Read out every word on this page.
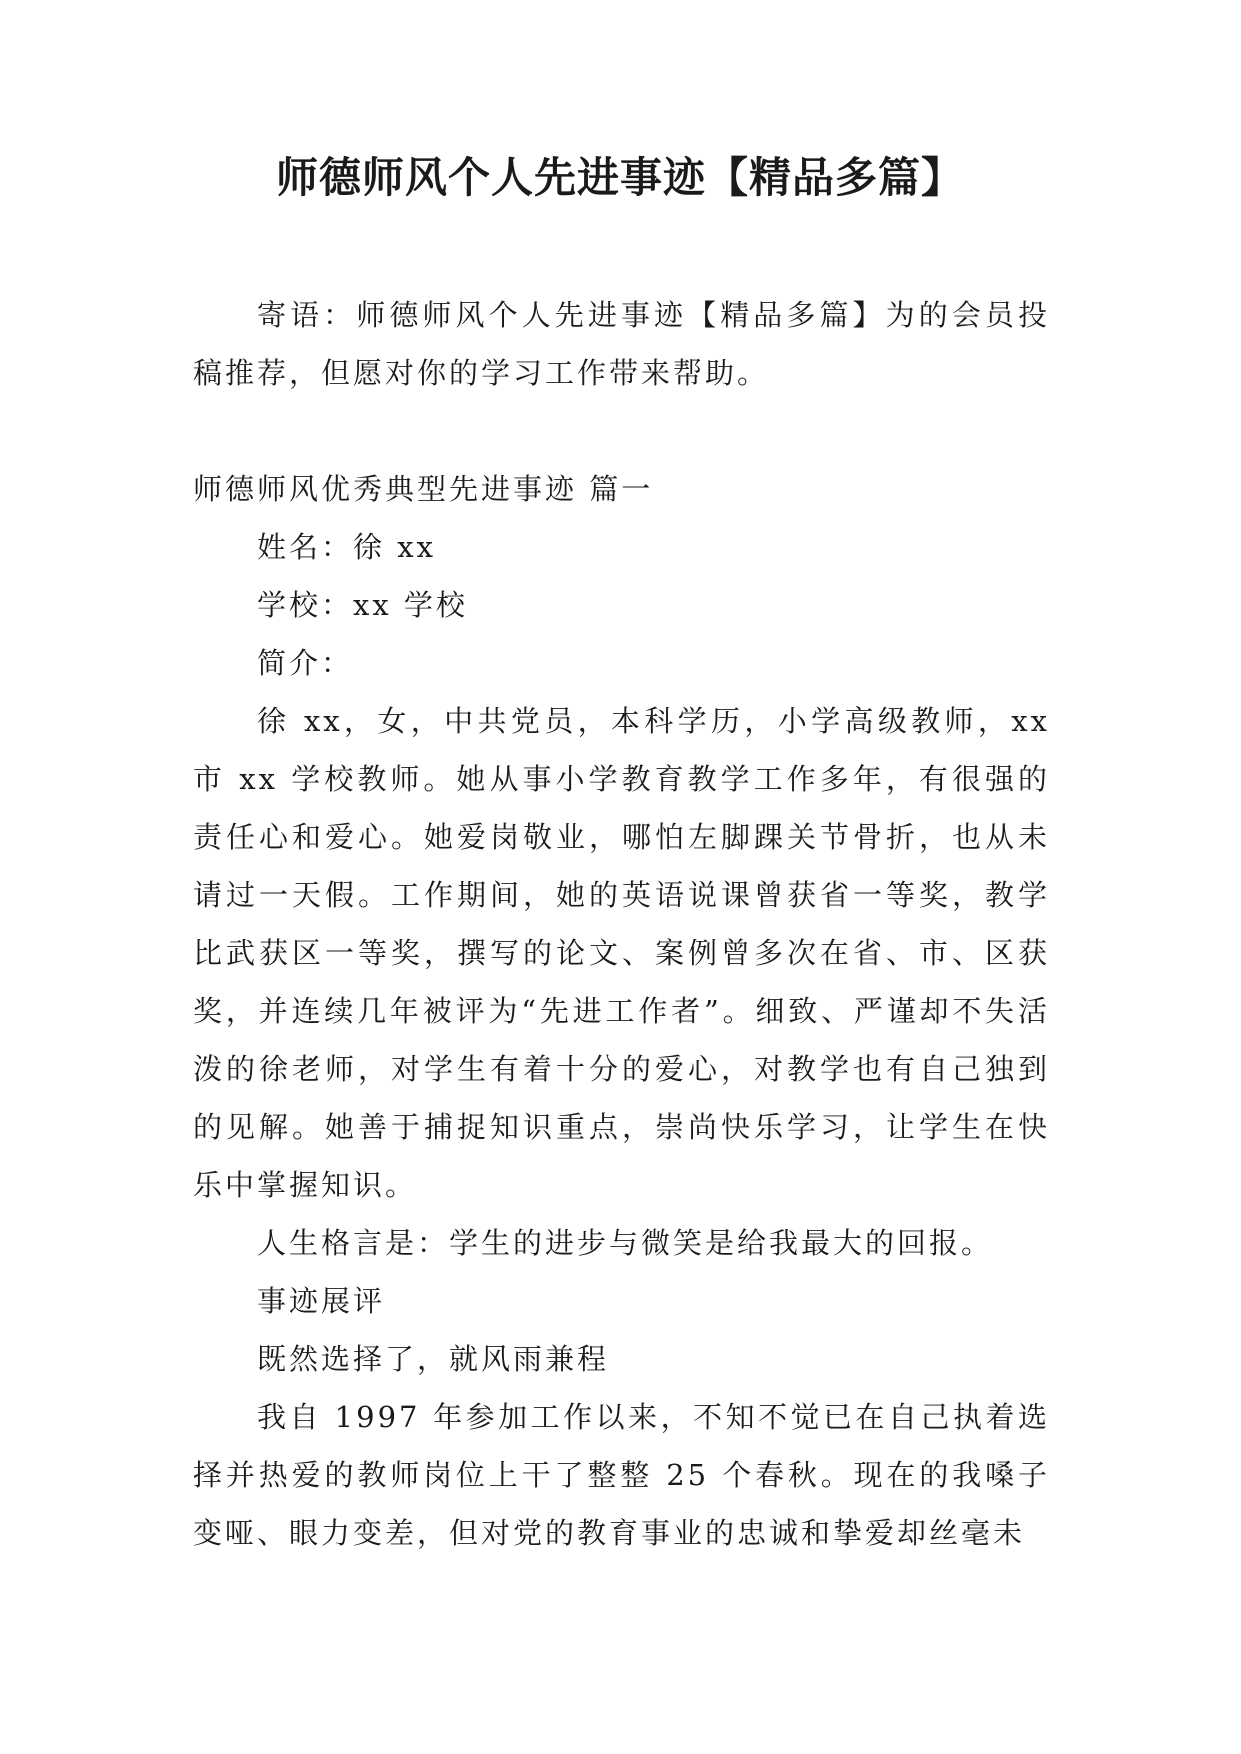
师德师风个人先进事迹【精品多篇】

寄语：师德师风个人先进事迹【精品多篇】为的会员投稿推荐，但愿对你的学习工作带来帮助。

师德师风优秀典型先进事迹 篇一

姓名：徐 xx

学校：xx 学校

简介：

徐 xx，女，中共党员，本科学历，小学高级教师，xx 市 xx 学校教师。她从事小学教育教学工作多年，有很强的责任心和爱心。她爱岗敬业，哪怕左脚踝关节骨折，也从未请过一天假。工作期间，她的英语说课曾获省一等奖，教学比武获区一等奖，撰写的论文、案例曾多次在省、市、区获奖，并连续几年被评为“先进工作者”。细致、严谨却不失活泼的徐老师，对学生有着十分的爱心，对教学也有自己独到的见解。她善于捕捉知识重点，崇尚快乐学习，让学生在快乐中掌握知识。

人生格言是：学生的进步与微笑是给我最大的回报。

事迹展评

既然选择了，就风雨兼程

我自 1997 年参加工作以来，不知不觉已在自己执着选择并热爱的教师岗位上干了整整 25 个春秋。现在的我嗓子变哑、眼力变差，但对党的教育事业的忠诚和挚爱却丝毫未
